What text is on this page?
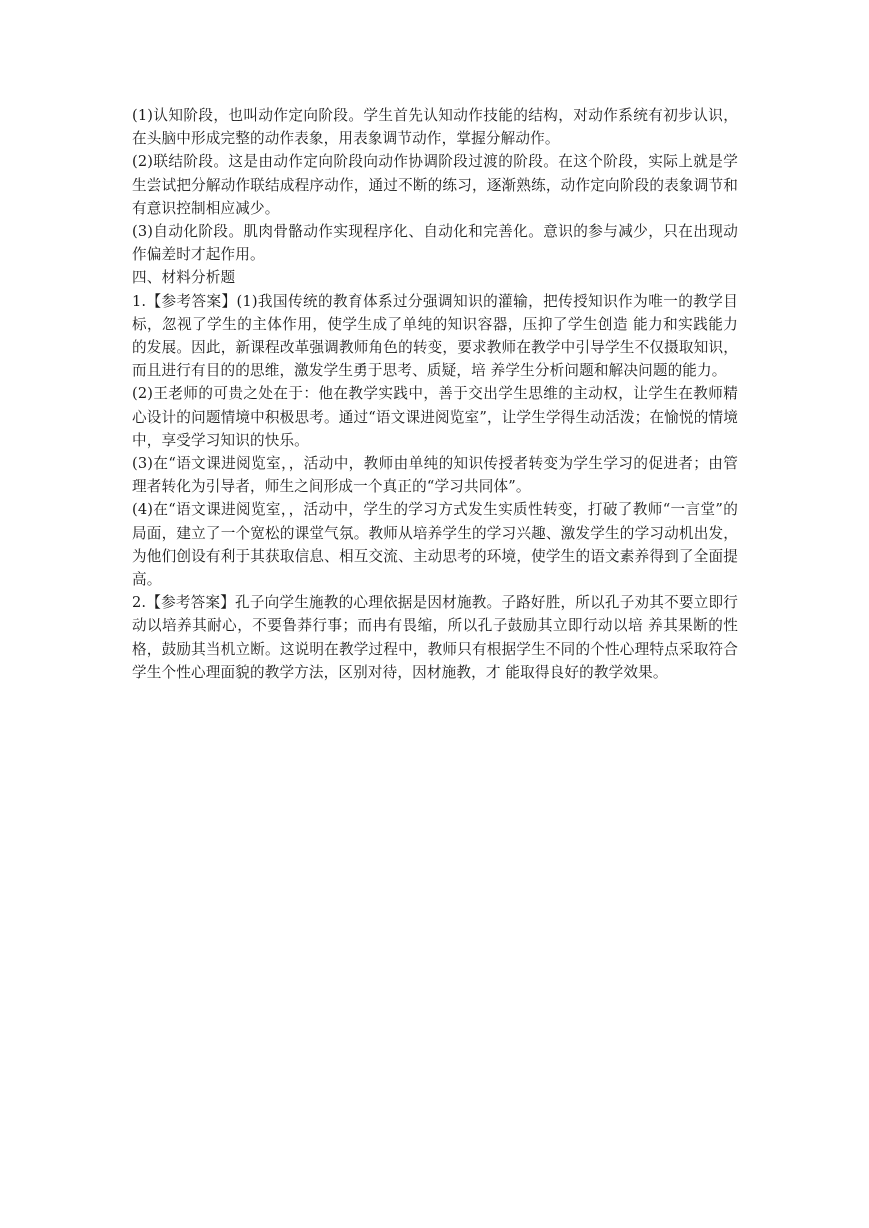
(1)认知阶段，也叫动作定向阶段。学生首先认知动作技能的结构，对动作系统有初步认识，在头脑中形成完整的动作表象，用表象调节动作，掌握分解动作。

(2)联结阶段。这是由动作定向阶段向动作协调阶段过渡的阶段。在这个阶段，实际上就是学生尝试把分解动作联结成程序动作，通过不断的练习，逐渐熟练，动作定向阶段的表象调节和有意识控制相应减少。

(3)自动化阶段。肌肉骨骼动作实现程序化、自动化和完善化。意识的参与减少，只在出现动作偏差时才起作用。

四、材料分析题

1.【参考答案】(1)我国传统的教育体系过分强调知识的灌输，把传授知识作为唯一的教学目标，忽视了学生的主体作用，使学生成了单纯的知识容器，压抑了学生创造 能力和实践能力的发展。因此，新课程改革强调教师角色的转变，要求教师在教学中引导学生不仅摄取知识，而且进行有目的的思维，激发学生勇于思考、质疑，培 养学生分析问题和解决问题的能力。

(2)王老师的可贵之处在于：他在教学实践中，善于交出学生思维的主动权，让学生在教师精心设计的问题情境中积极思考。通过“语文课进阅览室”，让学生学得生动活泼；在愉悦的情境中，享受学习知识的快乐。

(3)在“语文课进阅览室，，活动中，教师由单纯的知识传授者转变为学生学习的促进者；由管理者转化为引导者，师生之间形成一个真正的“学习共同体”。

(4)在“语文课进阅览室，，活动中，学生的学习方式发生实质性转变，打破了教师“一言堂”的局面，建立了一个宽松的课堂气氛。教师从培养学生的学习兴趣、激发学生的学习动机出发，为他们创设有利于其获取信息、相互交流、主动思考的环境，使学生的语文素养得到了全面提高。

2.【参考答案】孔子向学生施教的心理依据是因材施教。子路好胜，所以孔子劝其不要立即行动以培养其耐心，不要鲁莽行事；而冉有畏缩，所以孔子鼓励其立即行动以培 养其果断的性格，鼓励其当机立断。这说明在教学过程中，教师只有根据学生不同的个性心理特点采取符合学生个性心理面貌的教学方法，区别对待，因材施教，才 能取得良好的教学效果。
